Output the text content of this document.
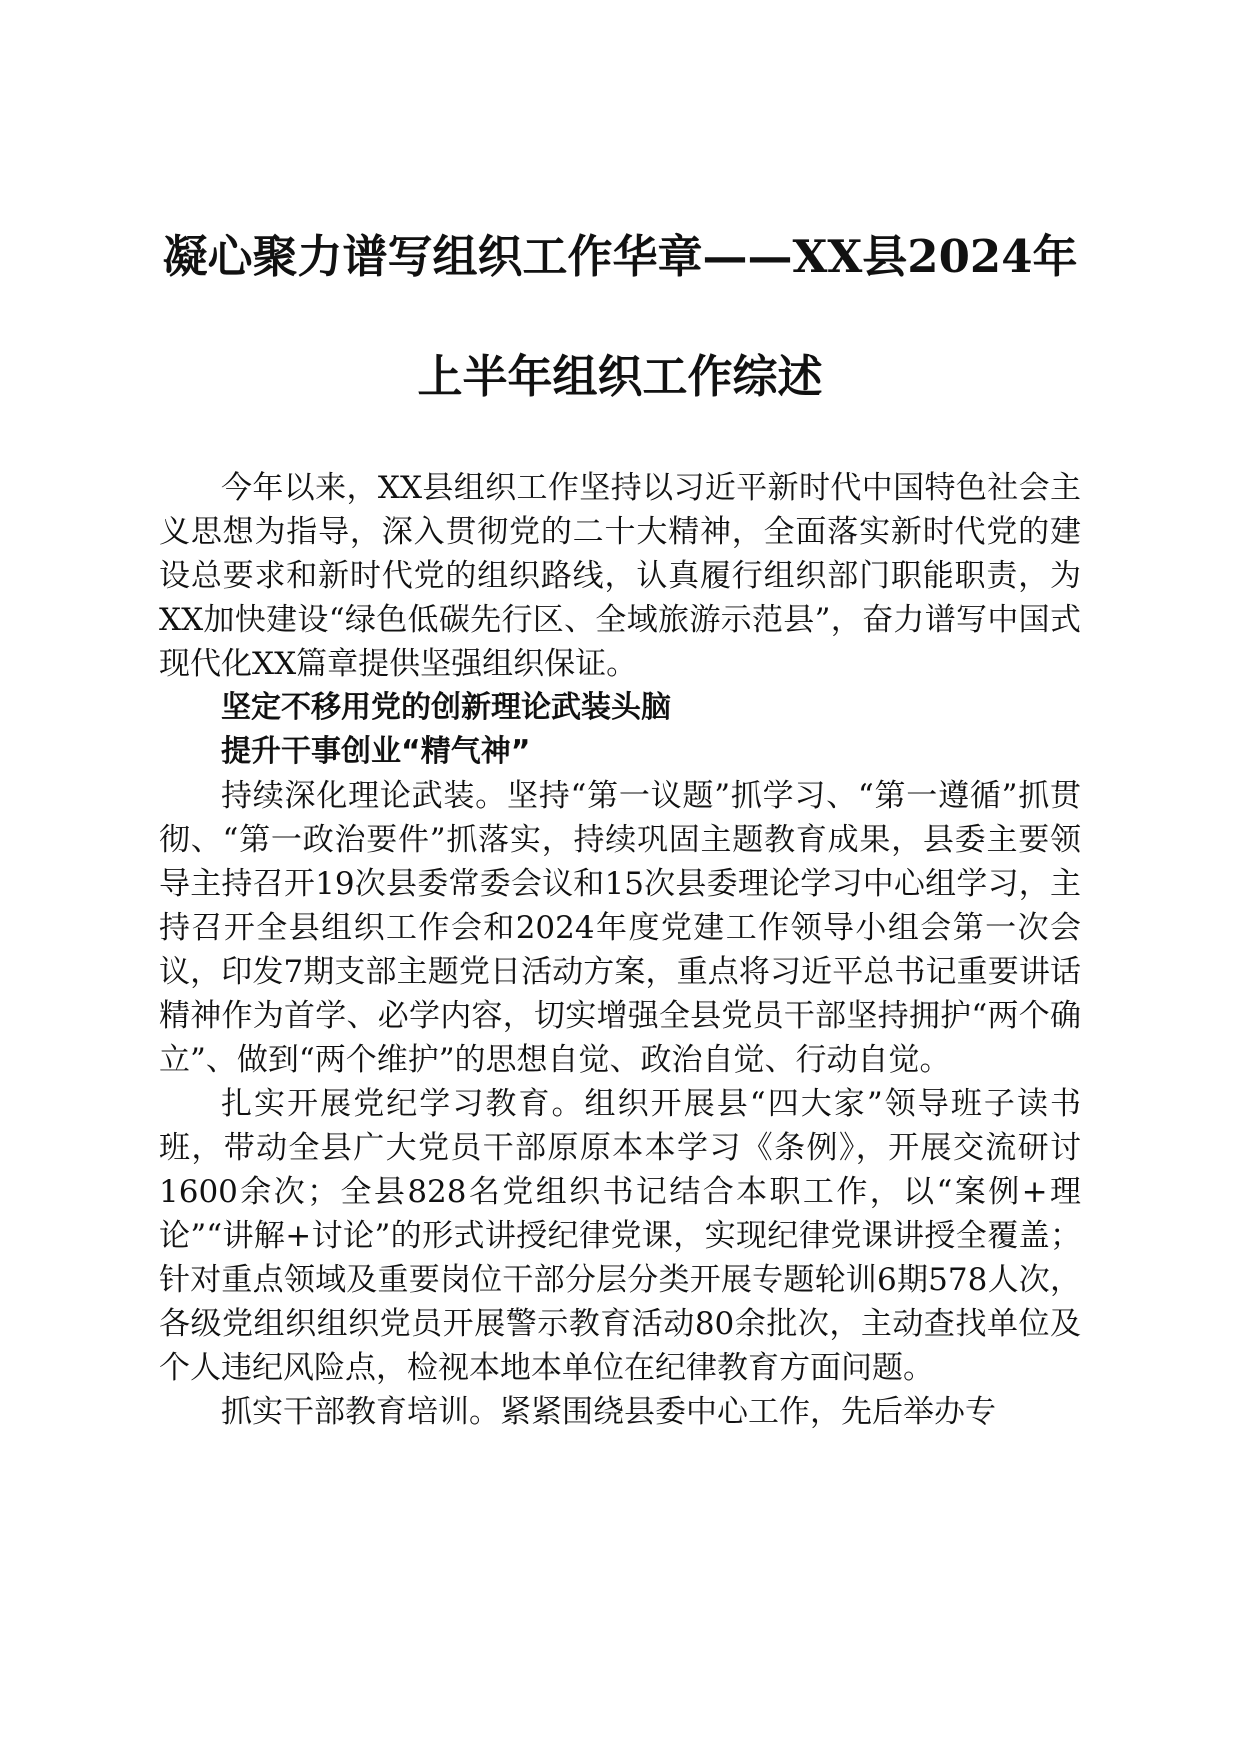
凝心聚力谱写组织工作华章——XX县2024年
上半年组织工作综述

今年以来，XX县组织工作坚持以习近平新时代中国特色社会主义思想为指导，深入贯彻党的二十大精神，全面落实新时代党的建设总要求和新时代党的组织路线，认真履行组织部门职能职责，为XX加快建设“绿色低碳先行区、全域旅游示范县”，奋力谱写中国式现代化XX篇章提供坚强组织保证。

坚定不移用党的创新理论武装头脑

提升干事创业“精气神”

持续深化理论武装。坚持“第一议题”抓学习、“第一遵循”抓贯彻、“第一政治要件”抓落实，持续巩固主题教育成果，县委主要领导主持召开19次县委常委会议和15次县委理论学习中心组学习，主持召开全县组织工作会和2024年度党建工作领导小组会第一次会议，印发7期支部主题党日活动方案，重点将习近平总书记重要讲话精神作为首学、必学内容，切实增强全县党员干部坚持拥护“两个确立”、做到“两个维护”的思想自觉、政治自觉、行动自觉。

扎实开展党纪学习教育。组织开展县“四大家”领导班子读书班，带动全县广大党员干部原原本本学习《条例》，开展交流研讨1600余次；全县828名党组织书记结合本职工作，以“案例+理论”“讲解+讨论”的形式讲授纪律党课，实现纪律党课讲授全覆盖；针对重点领域及重要岗位干部分层分类开展专题轮训6期578人次，各级党组织组织党员开展警示教育活动80余批次，主动查找单位及个人违纪风险点，检视本地本单位在纪律教育方面问题。

抓实干部教育培训。紧紧围绕县委中心工作，先后举办专
